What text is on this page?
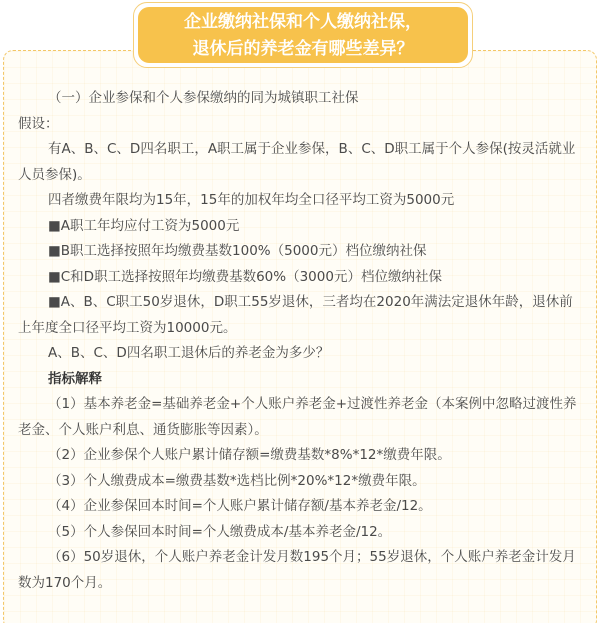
企业缴纳社保和个人缴纳社保，
退休后的养老金有哪些差异？

（一）企业参保和个人参保缴纳的同为城镇职工社保

假设：

有A、B、C、D四名职工，A职工属于企业参保，B、C、D职工属于个人参保(按灵活就业人员参保)。

四者缴费年限均为15年，15年的加权年均全口径平均工资为5000元

■A职工年均应付工资为5000元

■B职工选择按照年均缴费基数100%（5000元）档位缴纳社保

■C和D职工选择按照年均缴费基数60%（3000元）档位缴纳社保

■A、B、C职工50岁退休，D职工55岁退休，三者均在2020年满法定退休年龄，退休前上年度全口径平均工资为10000元。

A、B、C、D四名职工退休后的养老金为多少？

指标解释

（1）基本养老金=基础养老金+个人账户养老金+过渡性养老金（本案例中忽略过渡性养老金、个人账户利息、通货膨胀等因素）。

（2）企业参保个人账户累计储存额=缴费基数*8%*12*缴费年限。

（3）个人缴费成本=缴费基数*选档比例*20%*12*缴费年限。

（4）企业参保回本时间=个人账户累计储存额/基本养老金/12。

（5）个人参保回本时间=个人缴费成本/基本养老金/12。

（6）50岁退休，个人账户养老金计发月数195个月；55岁退休，个人账户养老金计发月数为170个月。
